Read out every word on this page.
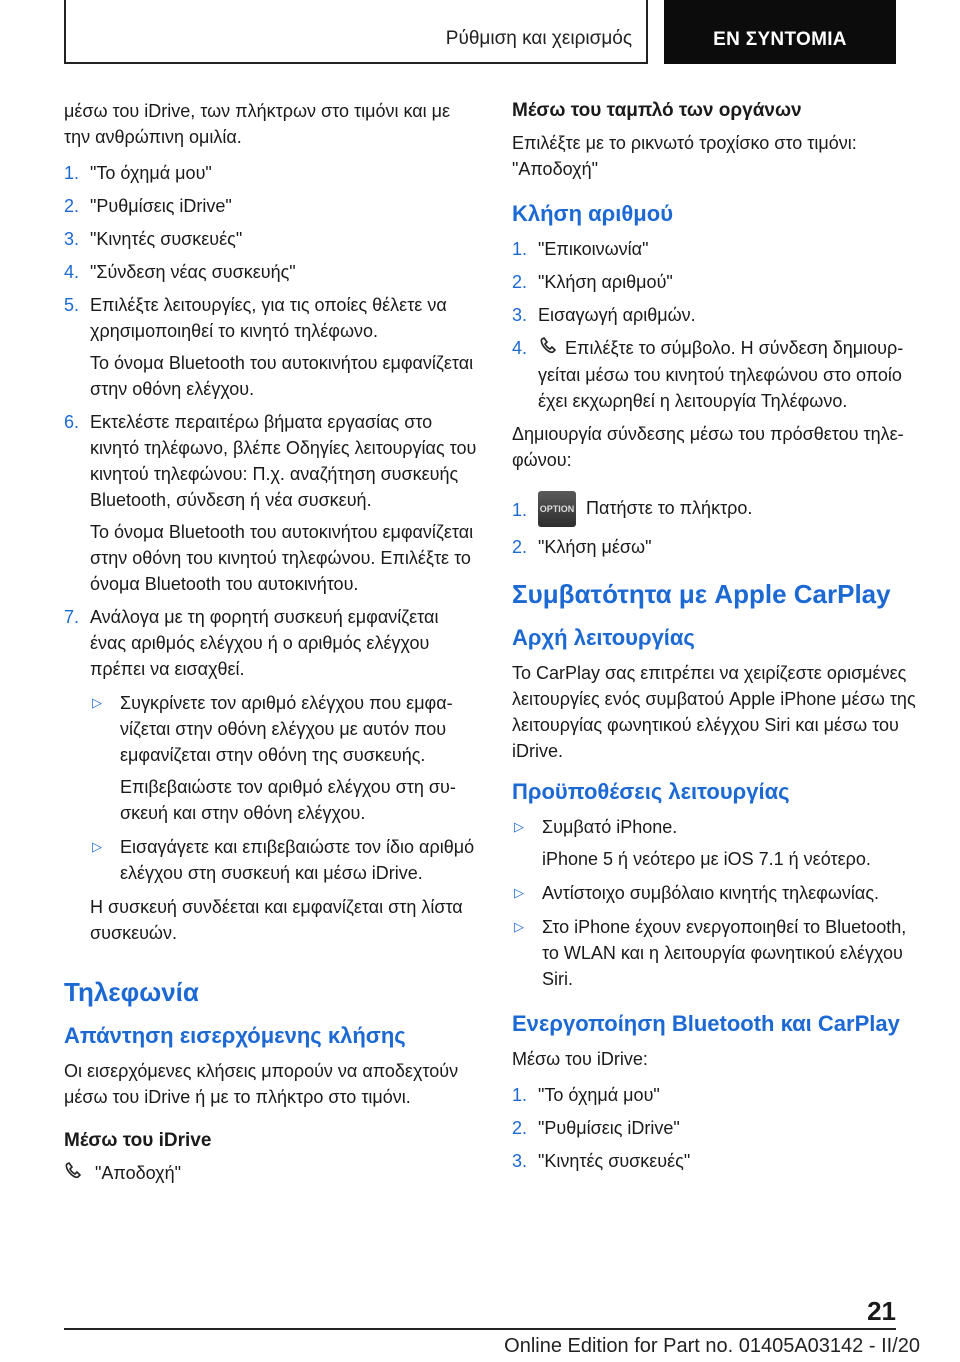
Ρύθμιση και χειρισμός	ΕΝ ΣΥΝΤΟΜΙΑ

μέσω του iDrive, των πλήκτρων στο τιμόνι και με την ανθρώπινη ομιλία.

1. "Το όχημά μου"
2. "Ρυθμίσεις iDrive"
3. "Κινητές συσκευές"
4. "Σύνδεση νέας συσκευής"
5. Επιλέξτε λειτουργίες, για τις οποίες θέλετε να χρησιμοποιηθεί το κινητό τηλέφωνο.
Το όνομα Bluetooth του αυτοκινήτου εμφανίζεται στην οθόνη ελέγχου.
6. Εκτελέστε περαιτέρω βήματα εργασίας στο κινητό τηλέφωνο, βλέπε Οδηγίες λειτουργίας του κινητού τηλεφώνου: Π.χ. αναζήτηση συσκευής Bluetooth, σύνδεση ή νέα συσκευή.
Το όνομα Bluetooth του αυτοκινήτου εμφανίζεται στην οθόνη του κινητού τηλεφώνου. Επιλέξτε το όνομα Bluetooth του αυτοκινήτου.
7. Ανάλογα με τη φορητή συσκευή εμφανίζεται ένας αριθμός ελέγχου ή ο αριθμός ελέγχου πρέπει να εισαχθεί.
▷ Συγκρίνετε τον αριθμό ελέγχου που εμφανίζεται στην οθόνη ελέγχου με αυτόν που εμφανίζεται στην οθόνη της συσκευής.
Επιβεβαιώστε τον αριθμό ελέγχου στη συσκευή και στην οθόνη ελέγχου.
▷ Εισαγάγετε και επιβεβαιώστε τον ίδιο αριθμό ελέγχου στη συσκευή και μέσω iDrive.
Η συσκευή συνδέεται και εμφανίζεται στη λίστα συσκευών.
Τηλεφωνία
Απάντηση εισερχόμενης κλήσης

Οι εισερχόμενες κλήσεις μπορούν να αποδεχτούν μέσω του iDrive ή με το πλήκτρο στο τιμόνι.

Μέσω του iDrive
"Αποδοχή"
Μέσω του ταμπλό των οργάνων

Επιλέξτε με το ρικνωτό τροχίσκο στο τιμόνι: "Αποδοχή"

Κλήση αριθμού
1. "Επικοινωνία"
2. "Κλήση αριθμού"
3. Εισαγωγή αριθμών.
4. Επιλέξτε το σύμβολο. Η σύνδεση δημιουργείται μέσω του κινητού τηλεφώνου στο οποίο έχει εκχωρηθεί η λειτουργία Τηλέφωνο.

Δημιουργία σύνδεσης μέσω του πρόσθετου τηλεφώνου:

1. OPTION Πατήστε το πλήκτρο.
2. "Κλήση μέσω"
Συμβατότητα με Apple CarPlay
Αρχή λειτουργίας

Το CarPlay σας επιτρέπει να χειρίζεστε ορισμένες λειτουργίες ενός συμβατού Apple iPhone μέσω της λειτουργίας φωνητικού ελέγχου Siri και μέσω του iDrive.

Προϋποθέσεις λειτουργίας
▷ Συμβατό iPhone.
iPhone 5 ή νεότερο με iOS 7.1 ή νεότερο.
▷ Αντίστοιχο συμβόλαιο κινητής τηλεφωνίας.
▷ Στο iPhone έχουν ενεργοποιηθεί το Bluetooth, το WLAN και η λειτουργία φωνητικού ελέγχου Siri.
Ενεργοποίηση Bluetooth και CarPlay

Μέσω του iDrive:

1. "Το όχημά μου"
2. "Ρυθμίσεις iDrive"
3. "Κινητές συσκευές"
21
Online Edition for Part no. 01405A03142 - II/20
